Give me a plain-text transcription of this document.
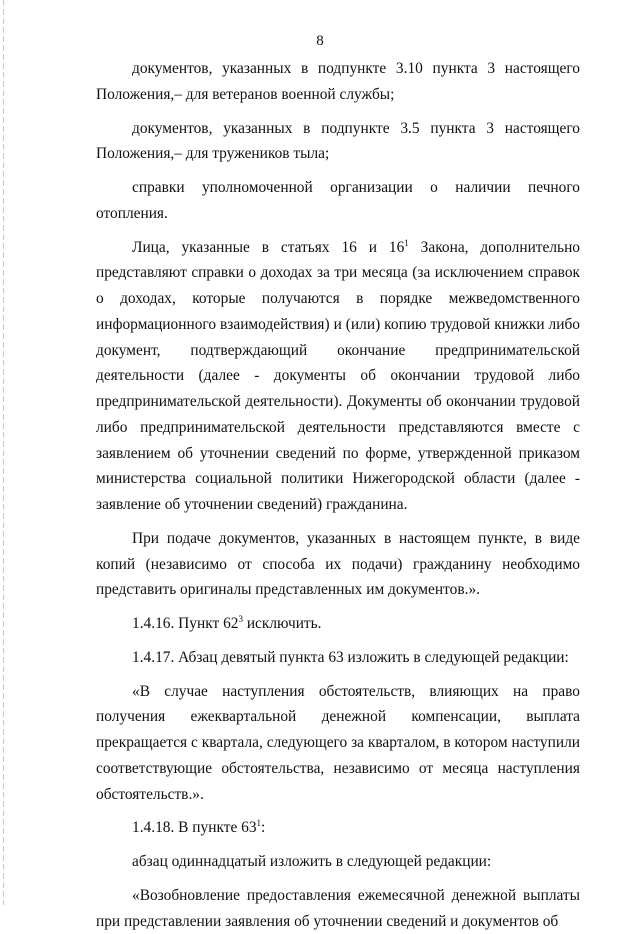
8

документов, указанных в подпункте 3.10 пункта 3 настоящего Положения,– для ветеранов военной службы;

документов, указанных в подпункте 3.5 пункта 3 настоящего Положения,– для тружеников тыла;

справки уполномоченной организации о наличии печного отопления.

Лица, указанные в статьях 16 и $16^1$ Закона, дополнительно представляют справки о доходах за три месяца (за исключением справок о доходах, которые получаются в порядке межведомственного информационного взаимодействия) и (или) копию трудовой книжки либо документ, подтверждающий окончание предпринимательской деятельности (далее - документы об окончании трудовой либо предпринимательской деятельности). Документы об окончании трудовой либо предпринимательской деятельности представляются вместе с заявлением об уточнении сведений по форме, утвержденной приказом министерства социальной политики Нижегородской области (далее - заявление об уточнении сведений) гражданина.

При подаче документов, указанных в настоящем пункте, в виде копий (независимо от способа их подачи) гражданину необходимо представить оригиналы представленных им документов.».

1.4.16. Пункт $62^3$ исключить.

1.4.17. Абзац девятый пункта 63 изложить в следующей редакции:

«В случае наступления обстоятельств, влияющих на право получения ежеквартальной денежной компенсации, выплата прекращается с квартала, следующего за кварталом, в котором наступили соответствующие обстоятельства, независимо от месяца наступления обстоятельств.».

1.4.18. В пункте $63^1$:

абзац одиннадцатый изложить в следующей редакции:

«Возобновление предоставления ежемесячной денежной выплаты при представлении заявления об уточнении сведений и документов об
